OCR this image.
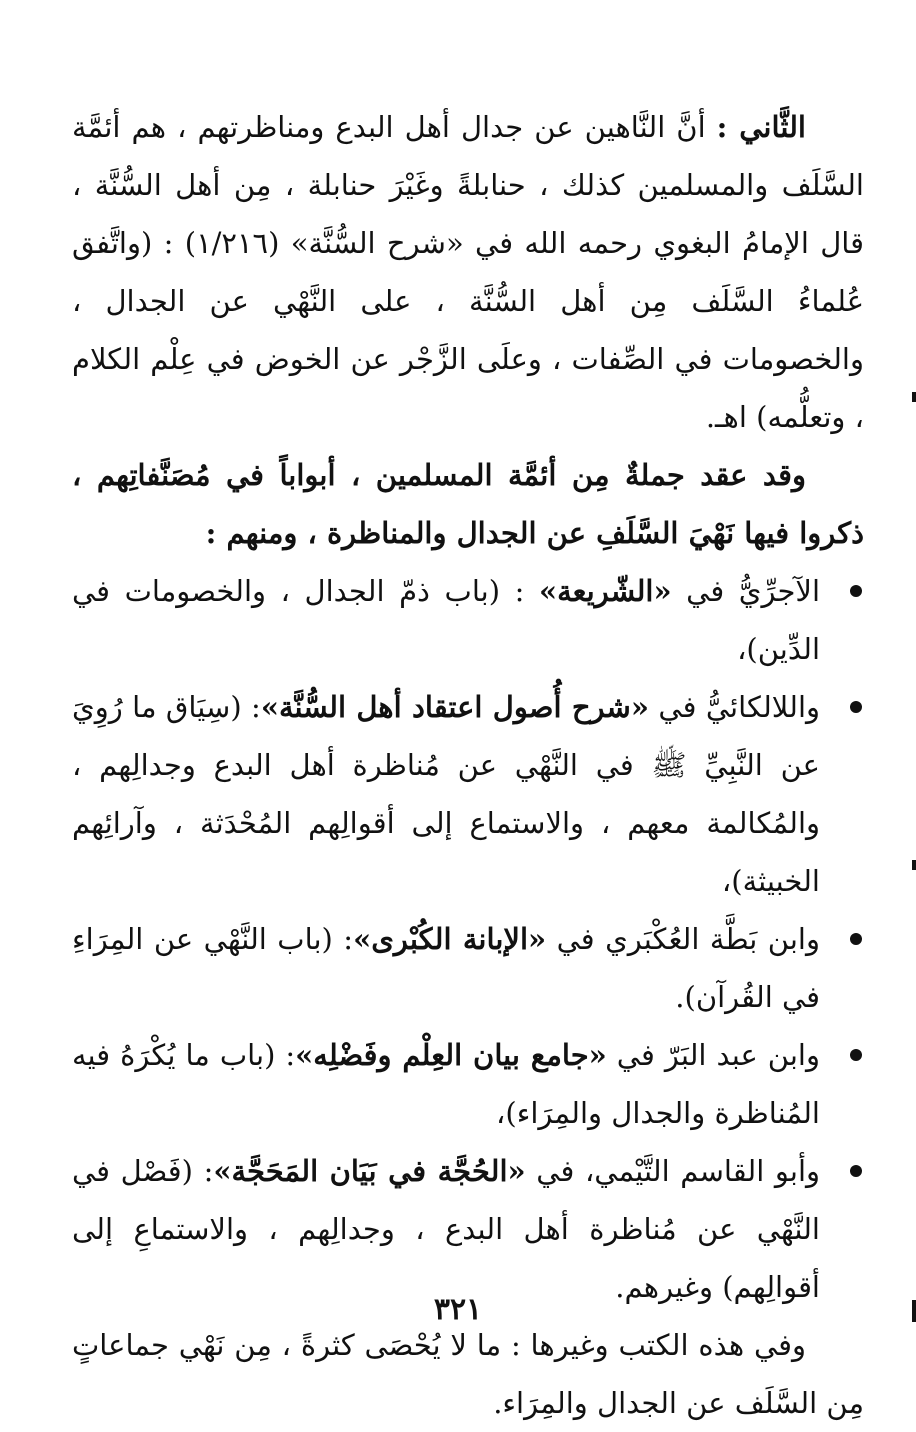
الثَّاني : أنَّ النَّاهين عن جدال أهل البدع ومناظرتهم ، هم أئمَّة السَّلَف والمسلمين كذلك ، حنابلةً وغَيْرَ حنابلة ، مِن أهل السُّنَّة ، قال الإمامُ البغوي رحمه الله في «شرح السُّنَّة» (١/٢١٦) : (واتَّفق عُلماءُ السَّلَف مِن أهل السُّنَّة ، على النَّهْي عن الجدال ، والخصومات في الصِّفات ، وعلَى الزَّجْر عن الخوض في عِلْم الكلام ، وتعلُّمه) اهـ.

وقد عقد جملةٌ مِن أئمَّة المسلمين ، أبواباً في مُصَنَّفاتِهم ، ذكروا فيها نَهْيَ السَّلَفِ عن الجدال والمناظرة ، ومنهم :

الآجرِّيُّ في «الشّريعة» : (باب ذمّ الجدال ، والخصومات في الدِّين)،
واللالكائيُّ في «شرح أُصول اعتقاد أهل السُّنَّة»: (سِيَاق ما رُوِيَ عن النَّبِيِّ ﷺ في النَّهْي عن مُناظرة أهل البدع وجدالِهم ، والمُكالمة معهم ، والاستماع إلى أقوالِهم المُحْدَثة ، وآرائِهم الخبيثة)،
وابن بَطَّة العُكْبَري في «الإبانة الكُبْرى»: (باب النَّهْي عن المِرَاءِ في القُرآن).
وابن عبد البَرّ في «جامع بيان العِلْم وفَضْلِه»: (باب ما يُكْرَهُ فيه المُناظرة والجدال والمِرَاء)،
وأبو القاسم التَّيْمي، في «الحُجَّة في بَيَان المَحَجَّة»: (فَصْل في النَّهْي عن مُناظرة أهل البدع ، وجدالِهم ، والاستماعِ إلى أقوالِهم) وغيرهم.

وفي هذه الكتب وغيرها : ما لا يُحْصَى كثرةً ، مِن نَهْي جماعاتٍ مِن السَّلَف عن الجدال والمِرَاء.

٣٢١
